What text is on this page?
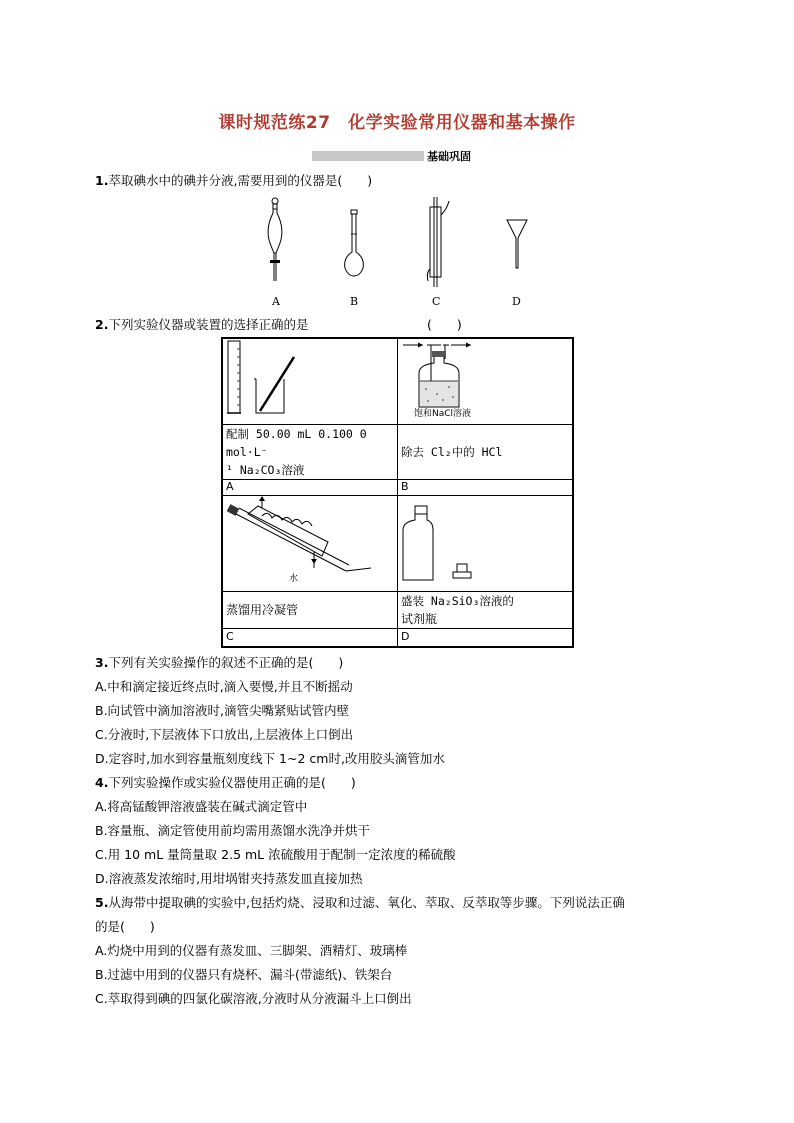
课时规范练27　化学实验常用仪器和基本操作
基础巩固
1.萃取碘水中的碘并分液,需要用到的仪器是(　　)
A	B	C	D
2.下列实验仪器或装置的选择正确的是	(　　)

饱和NaCl溶液

配制 50.00 mL 0.100 0 mol·L⁻
¹ Na₂CO₃溶液	除去 Cl₂中的 HCl
A	B

水

蒸馏用冷凝管	盛装 Na₂SiO₃溶液的
试剂瓶

C	D
3.下列有关实验操作的叙述不正确的是(　　)
A.中和滴定接近终点时,滴入要慢,并且不断摇动
B.向试管中滴加溶液时,滴管尖嘴紧贴试管内壁
C.分液时,下层液体下口放出,上层液体上口倒出
D.定容时,加水到容量瓶刻度线下 1~2 cm时,改用胶头滴管加水
4.下列实验操作或实验仪器使用正确的是(　　)
A.将高锰酸钾溶液盛装在碱式滴定管中
B.容量瓶、滴定管使用前均需用蒸馏水洗净并烘干
C.用 10 mL 量筒量取 2.5 mL 浓硫酸用于配制一定浓度的稀硫酸
D.溶液蒸发浓缩时,用坩埚钳夹持蒸发皿直接加热
5.从海带中提取碘的实验中,包括灼烧、浸取和过滤、氧化、萃取、反萃取等步骤。下列说法正确
的是(　　)
A.灼烧中用到的仪器有蒸发皿、三脚架、酒精灯、玻璃棒
B.过滤中用到的仪器只有烧杯、漏斗(带滤纸)、铁架台
C.萃取得到碘的四氯化碳溶液,分液时从分液漏斗上口倒出
